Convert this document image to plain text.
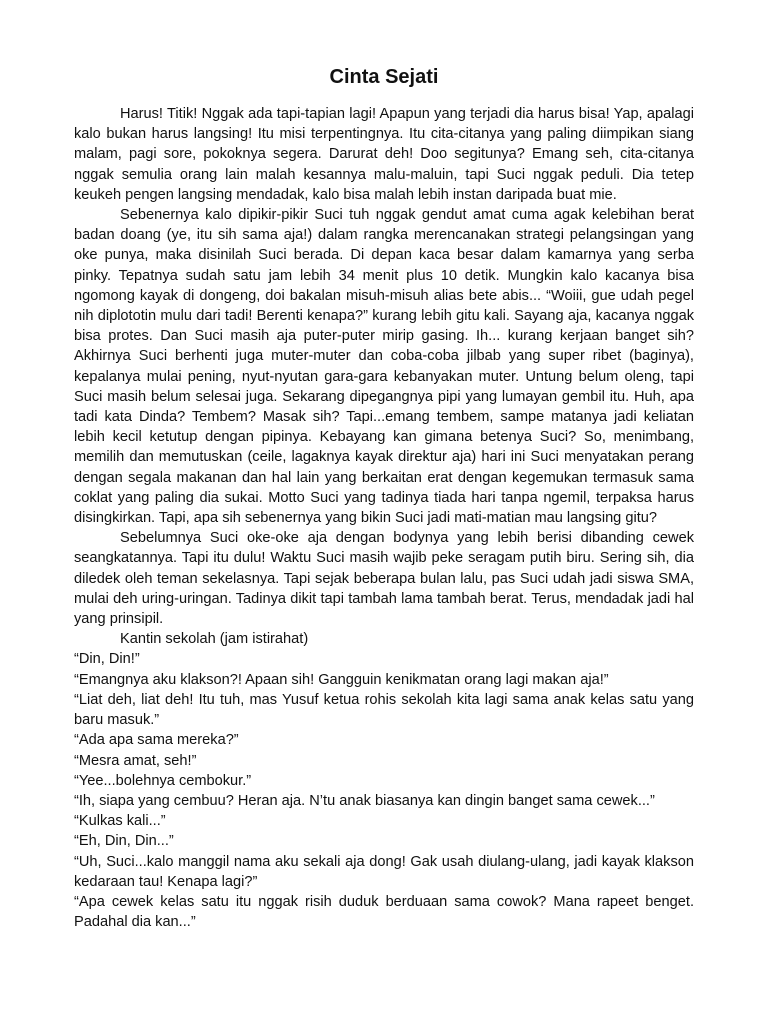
Cinta Sejati

Harus! Titik! Nggak ada tapi-tapian lagi! Apapun yang terjadi dia harus bisa! Yap, apalagi kalo bukan harus langsing! Itu misi terpentingnya. Itu cita-citanya yang paling diimpikan siang malam, pagi sore, pokoknya segera. Darurat deh! Doo segitunya? Emang seh, cita-citanya nggak semulia orang lain malah kesannya malu-maluin, tapi Suci nggak peduli. Dia tetep keukeh pengen langsing mendadak, kalo bisa malah lebih instan daripada buat mie.

Sebenernya kalo dipikir-pikir Suci tuh nggak gendut amat cuma agak kelebihan berat badan doang (ye, itu sih sama aja!) dalam rangka merencanakan strategi pelangsingan yang oke punya, maka disinilah Suci berada. Di depan kaca besar dalam kamarnya yang serba pinky. Tepatnya sudah satu jam lebih 34 menit plus 10 detik. Mungkin kalo kacanya bisa ngomong kayak di dongeng, doi bakalan misuh-misuh alias bete abis... “Woiii, gue udah pegel nih diplototin mulu dari tadi! Berenti kenapa?” kurang lebih gitu kali. Sayang aja, kacanya nggak bisa protes. Dan Suci masih aja puter-puter mirip gasing. Ih... kurang kerjaan banget sih? Akhirnya Suci berhenti juga muter-muter dan coba-coba jilbab yang super ribet (baginya), kepalanya mulai pening, nyut-nyutan gara-gara kebanyakan muter. Untung belum oleng, tapi Suci masih belum selesai juga. Sekarang dipegangnya pipi yang lumayan gembil itu. Huh, apa tadi kata Dinda? Tembem? Masak sih? Tapi...emang tembem, sampe matanya jadi keliatan lebih kecil ketutup dengan pipinya. Kebayang kan gimana betenya Suci? So, menimbang, memilih dan memutuskan (ceile, lagaknya kayak direktur aja) hari ini Suci menyatakan perang dengan segala makanan dan hal lain yang berkaitan erat dengan kegemukan termasuk sama coklat yang paling dia sukai. Motto Suci yang tadinya tiada hari tanpa ngemil, terpaksa harus disingkirkan. Tapi, apa sih sebenernya yang bikin Suci jadi mati-matian mau langsing gitu?

Sebelumnya Suci oke-oke aja dengan bodynya yang lebih berisi dibanding cewek seangkatannya. Tapi itu dulu! Waktu Suci masih wajib peke seragam putih biru. Sering sih, dia diledek oleh teman sekelasnya. Tapi sejak beberapa bulan lalu, pas Suci udah jadi siswa SMA, mulai deh uring-uringan. Tadinya dikit tapi tambah lama tambah berat. Terus, mendadak jadi hal yang prinsipil.

Kantin sekolah (jam istirahat)

“Din, Din!”

“Emangnya aku klakson?! Apaan sih! Gangguin kenikmatan orang lagi makan aja!”

“Liat deh, liat deh! Itu tuh, mas Yusuf ketua rohis sekolah kita lagi sama anak kelas satu yang baru masuk.”

“Ada apa sama mereka?”

“Mesra amat, seh!”

“Yee...bolehnya cembokur.”

“Ih, siapa yang cembuu? Heran aja. N’tu anak biasanya kan dingin banget sama cewek...”

“Kulkas kali...”

“Eh, Din, Din...”

“Uh, Suci...kalo manggil nama aku sekali aja dong! Gak usah diulang-ulang, jadi kayak klakson kedaraan tau! Kenapa lagi?”

“Apa cewek kelas satu itu nggak risih duduk berduaan sama cowok? Mana rapeet benget. Padahal dia kan...”
